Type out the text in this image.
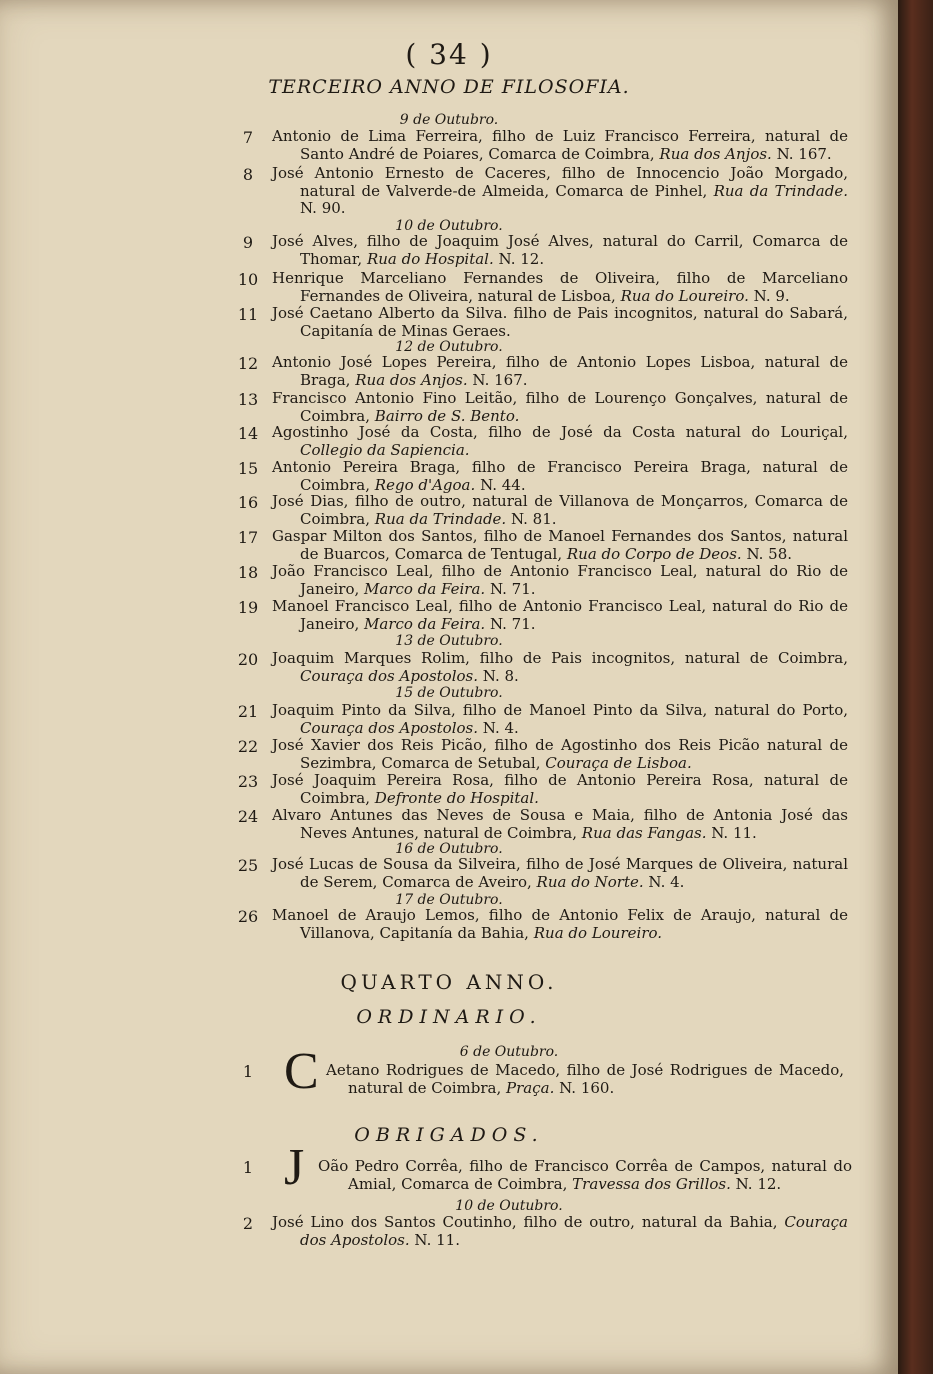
( 34 )
TERCEIRO ANNO DE FILOSOFIA.
9 de Outubro.
7	Antonio de Lima Ferreira, filho de Luiz Francisco Ferreira, natural de Santo André de Poiares, Comarca de Coimbra, Rua dos Anjos. N. 167.
8	José Antonio Ernesto de Caceres, filho de Innocencio João Morgado, natural de Valverde-de Almeida, Comarca de Pinhel, Rua da Trindade. N. 90.
10 de Outubro.
9	José Alves, filho de Joaquim José Alves, natural do Carril, Comarca de Thomar, Rua do Hospital. N. 12.
10 Henrique Marceliano Fernandes de Oliveira, filho de Marceliano Fernandes de Oliveira, natural de Lisboa, Rua do Loureiro. N. 9.
11 José Caetano Alberto da Silva. filho de Pais incognitos, natural do Sabará, Capitanía de Minas Geraes.
12 de Outubro.
12 Antonio José Lopes Pereira, filho de Antonio Lopes Lisboa, natural de Braga, Rua dos Anjos. N. 167.
13 Francisco Antonio Fino Leitão, filho de Lourenço Gonçalves, natural de Coimbra, Bairro de S. Bento.
14 Agostinho José da Costa, filho de José da Costa natural do Louriçal, Collegio da Sapiencia.
15 Antonio Pereira Braga, filho de Francisco Pereira Braga, natural de Coimbra, Rego d'Agoa. N. 44.
16 José Dias, filho de outro, natural de Villanova de Monçarros, Comarca de Coimbra, Rua da Trindade. N. 81.
17 Gaspar Milton dos Santos, filho de Manoel Fernandes dos Santos, natural de Buarcos, Comarca de Tentugal, Rua do Corpo de Deos. N. 58.
18 João Francisco Leal, filho de Antonio Francisco Leal, natural do Rio de Janeiro, Marco da Feira. N. 71.
19 Manoel Francisco Leal, filho de Antonio Francisco Leal, natural do Rio de Janeiro, Marco da Feira. N. 71.
13 de Outubro.
20 Joaquim Marques Rolim, filho de Pais incognitos, natural de Coimbra, Couraça dos Apostolos. N. 8.
15 de Outubro.
21 Joaquim Pinto da Silva, filho de Manoel Pinto da Silva, natural do Porto, Couraça dos Apostolos. N. 4.
22 José Xavier dos Reis Picão, filho de Agostinho dos Reis Picão natural de Sezimbra, Comarca de Setubal, Couraça de Lisboa.
23 José Joaquim Pereira Rosa, filho de Antonio Pereira Rosa, natural de Coimbra, Defronte do Hospital.
24 Alvaro Antunes das Neves de Sousa e Maia, filho de Antonia José das Neves Antunes, natural de Coimbra, Rua das Fangas. N. 11.
16 de Outubro.
25 José Lucas de Sousa da Silveira, filho de José Marques de Oliveira, natural de Serem, Comarca de Aveiro, Rua do Norte. N. 4.
17 de Outubro.
26 Manoel de Araujo Lemos, filho de Antonio Felix de Araujo, natural de Villanova, Capitanía da Bahia, Rua do Loureiro.
QUARTO ANNO.
ORDINARIO.
6 de Outubro.
1	Aetano Rodrigues de Macedo, filho de José Rodrigues de Macedo, natural de Coimbra, Praça. N. 160.
C
OBRIGADOS.
1	Oão Pedro Corrêa, filho de Francisco Corrêa de Campos, natural do Amial, Comarca de Coimbra, Travessa dos Grillos. N. 12.
J
10 de Outubro.
2	José Lino dos Santos Coutinho, filho de outro, natural da Bahia, Couraça dos Apostolos. N. 11.
